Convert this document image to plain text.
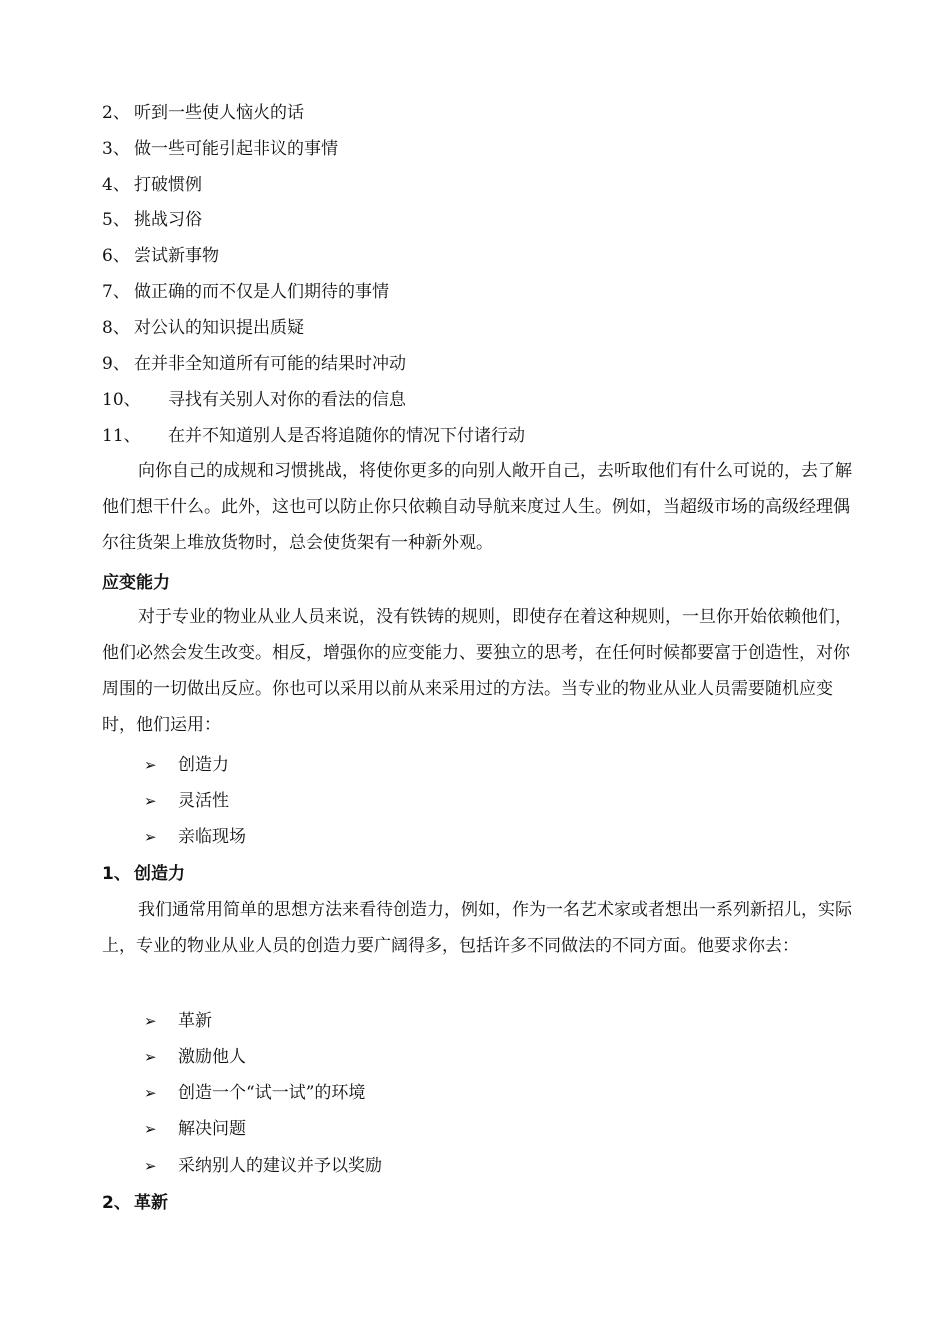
2、 听到一些使人恼火的话
3、 做一些可能引起非议的事情
4、 打破惯例
5、 挑战习俗
6、 尝试新事物
7、 做正确的而不仅是人们期待的事情
8、 对公认的知识提出质疑
9、 在并非全知道所有可能的结果时冲动
10、 寻找有关别人对你的看法的信息
11、 在并不知道别人是否将追随你的情况下付诸行动

向你自己的成规和习惯挑战，将使你更多的向别人敞开自己，去听取他们有什么可说的，去了解他们想干什么。此外，这也可以防止你只依赖自动导航来度过人生。例如，当超级市场的高级经理偶尔往货架上堆放货物时，总会使货架有一种新外观。

应变能力

对于专业的物业从业人员来说，没有铁铸的规则，即使存在着这种规则，一旦你开始依赖他们，他们必然会发生改变。相反，增强你的应变能力、要独立的思考，在任何时候都要富于创造性，对你周围的一切做出反应。你也可以采用以前从来采用过的方法。当专业的物业从业人员需要随机应变时，他们运用：

➢ 创造力
➢ 灵活性
➢ 亲临现场
1、 创造力

我们通常用简单的思想方法来看待创造力，例如，作为一名艺术家或者想出一系列新招儿，实际上，专业的物业从业人员的创造力要广阔得多，包括许多不同做法的不同方面。他要求你去：

➢ 革新
➢ 激励他人
➢ 创造一个“试一试”的环境
➢ 解决问题
➢ 采纳别人的建议并予以奖励
2、 革新
